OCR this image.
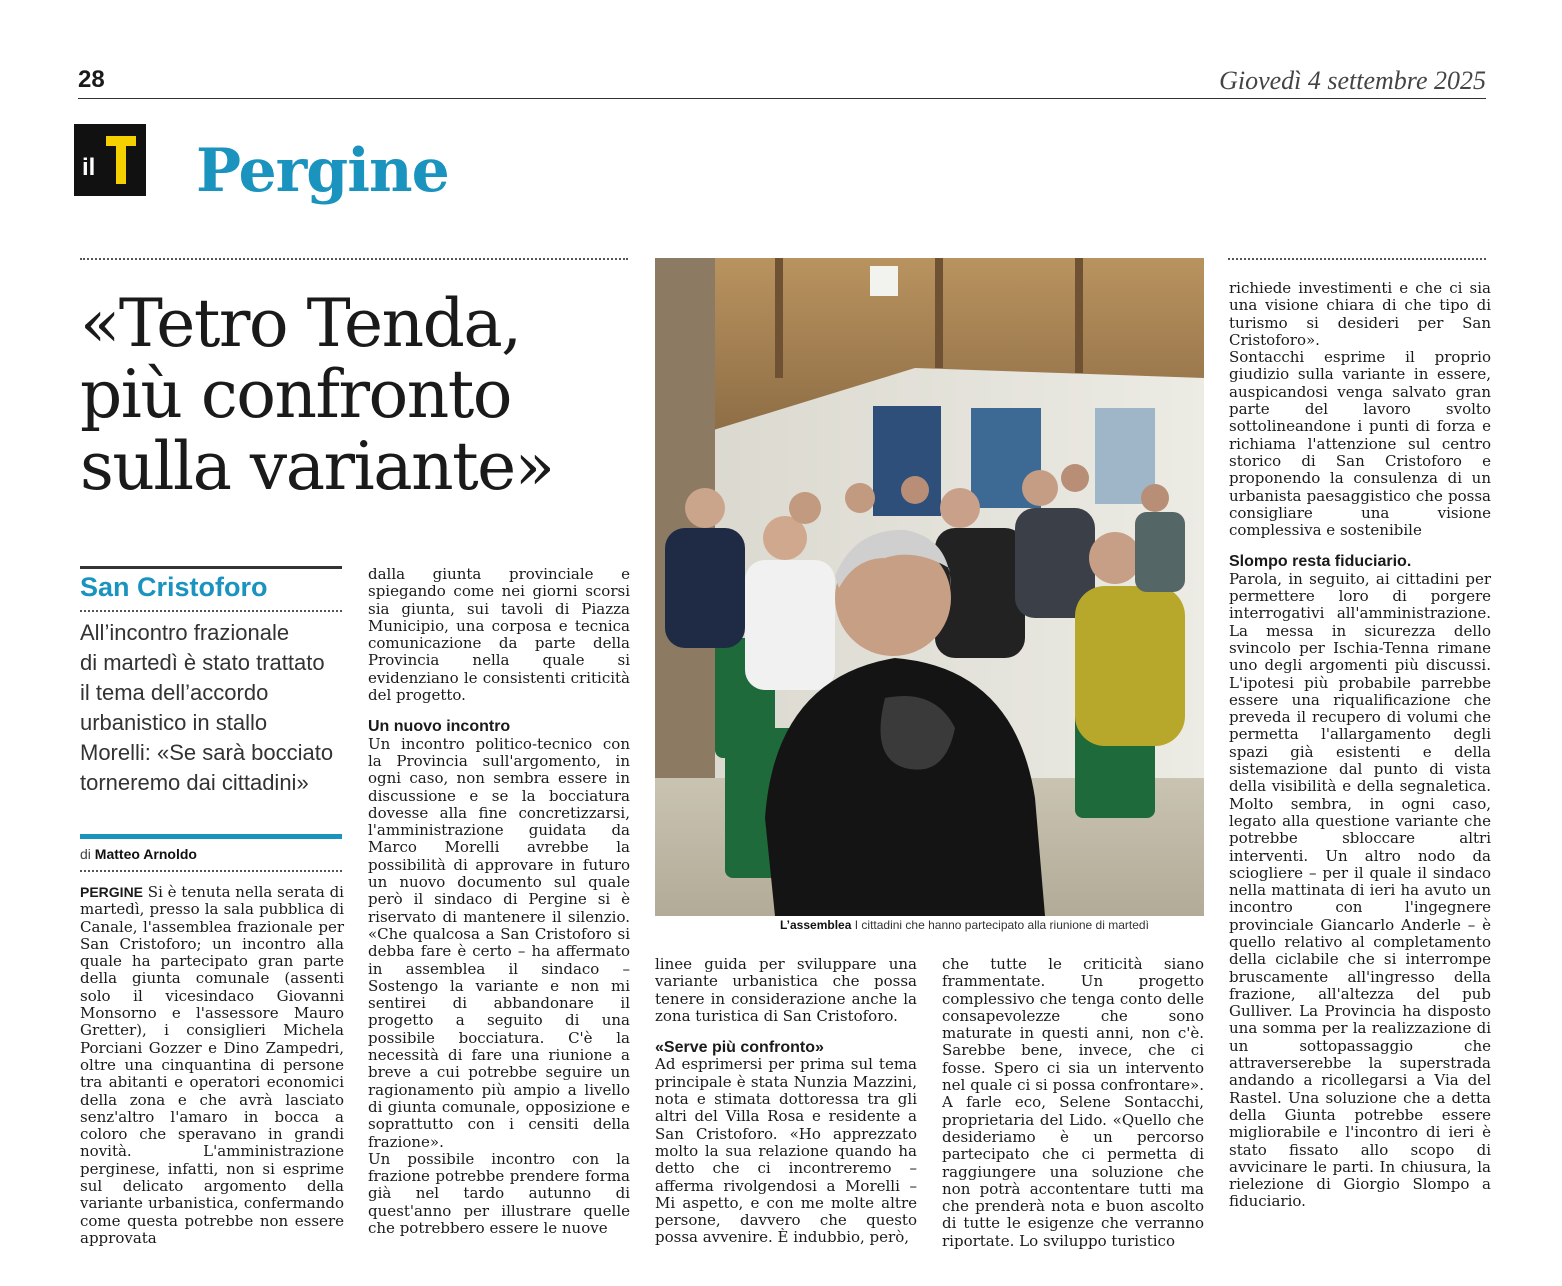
28	Giovedì 4 settembre 2025
il Pergine
«Tetro Tenda,
più confronto
sulla variante»
San Cristoforo
All’incontro frazionale
di martedì è stato trattato
il tema dell’accordo
urbanistico in stallo
Morelli: «Se sarà bocciato
torneremo dai cittadini»
di Matteo Arnoldo

PERGINE Si è tenuta nella serata di martedì, presso la sala pubblica di Canale, l'assemblea frazionale per San Cristoforo; un incontro alla quale ha partecipato gran parte della giunta comunale (assenti solo il vicesindaco Giovanni Monsorno e l'assessore Mauro Gretter), i consiglieri Michela Porciani Gozzer e Dino Zampedri, oltre una cinquantina di persone tra abitanti e operatori economici della zona e che avrà lasciato senz'altro l'amaro in bocca a coloro che speravano in grandi novità. L'amministrazione perginese, infatti, non si esprime sul delicato argomento della variante urbanistica, confermando come questa potrebbe non essere approvata

dalla giunta provinciale e spiegando come nei giorni scorsi sia giunta, sui tavoli di Piazza Municipio, una corposa e tecnica comunicazione da parte della Provincia nella quale si evidenziano le consistenti criticità del progetto.

Un nuovo incontro

Un incontro politico-tecnico con la Provincia sull'argomento, in ogni caso, non sembra essere in discussione e se la bocciatura dovesse alla fine concretizzarsi, l'amministrazione guidata da Marco Morelli avrebbe la possibilità di approvare in futuro un nuovo documento sul quale però il sindaco di Pergine si è riservato di mantenere il silenzio. «Che qualcosa a San Cristoforo si debba fare è certo – ha affermato in assemblea il sindaco – Sostengo la variante e non mi sentirei di abbandonare il progetto a seguito di una possibile bocciatura. C'è la necessità di fare una riunione a breve a cui potrebbe seguire un ragionamento più ampio a livello di giunta comunale, opposizione e soprattutto con i censiti della frazione».

Un possibile incontro con la frazione potrebbe prendere forma già nel tardo autunno di quest'anno per illustrare quelle che potrebbero essere le nuove

L’assemblea I cittadini che hanno partecipato alla riunione di martedì

linee guida per sviluppare una variante urbanistica che possa tenere in considerazione anche la zona turistica di San Cristoforo.

«Serve più confronto»

Ad esprimersi per prima sul tema principale è stata Nunzia Mazzini, nota e stimata dottoressa tra gli altri del Villa Rosa e residente a San Cristoforo. «Ho apprezzato molto la sua relazione quando ha detto che ci incontreremo – afferma rivolgendosi a Morelli – Mi aspetto, e con me molte altre persone, davvero che questo possa avvenire. È indubbio, però,

che tutte le criticità siano frammentate. Un progetto complessivo che tenga conto delle consapevolezze che sono maturate in questi anni, non c'è. Sarebbe bene, invece, che ci fosse. Spero ci sia un intervento nel quale ci si possa confrontare». A farle eco, Selene Sontacchi, proprietaria del Lido. «Quello che desideriamo è un percorso partecipato che ci permetta di raggiungere una soluzione che non potrà accontentare tutti ma che prenderà nota e buon ascolto di tutte le esigenze che verranno riportate. Lo sviluppo turistico

richiede investimenti e che ci sia una visione chiara di che tipo di turismo si desideri per San Cristoforo».

Sontacchi esprime il proprio giudizio sulla variante in essere, auspicandosi venga salvato gran parte del lavoro svolto sottolineandone i punti di forza e richiama l'attenzione sul centro storico di San Cristoforo e proponendo la consulenza di un urbanista paesaggistico che possa consigliare una visione complessiva e sostenibile

Slompo resta fiduciario.

Parola, in seguito, ai cittadini per permettere loro di porgere interrogativi all'amministrazione. La messa in sicurezza dello svincolo per Ischia-Tenna rimane uno degli argomenti più discussi. L'ipotesi più probabile parrebbe essere una riqualificazione che preveda il recupero di volumi che permetta l'allargamento degli spazi già esistenti e della sistemazione dal punto di vista della visibilità e della segnaletica. Molto sembra, in ogni caso, legato alla questione variante che potrebbe sbloccare altri interventi. Un altro nodo da sciogliere – per il quale il sindaco nella mattinata di ieri ha avuto un incontro con l'ingegnere provinciale Giancarlo Anderle – è quello relativo al completamento della ciclabile che si interrompe bruscamente all'ingresso della frazione, all'altezza del pub Gulliver. La Provincia ha disposto una somma per la realizzazione di un sottopassaggio che attraverserebbe la superstrada andando a ricollegarsi a Via del Rastel. Una soluzione che a detta della Giunta potrebbe essere migliorabile e l'incontro di ieri è stato fissato allo scopo di avvicinare le parti. In chiusura, la rielezione di Giorgio Slompo a fiduciario.
